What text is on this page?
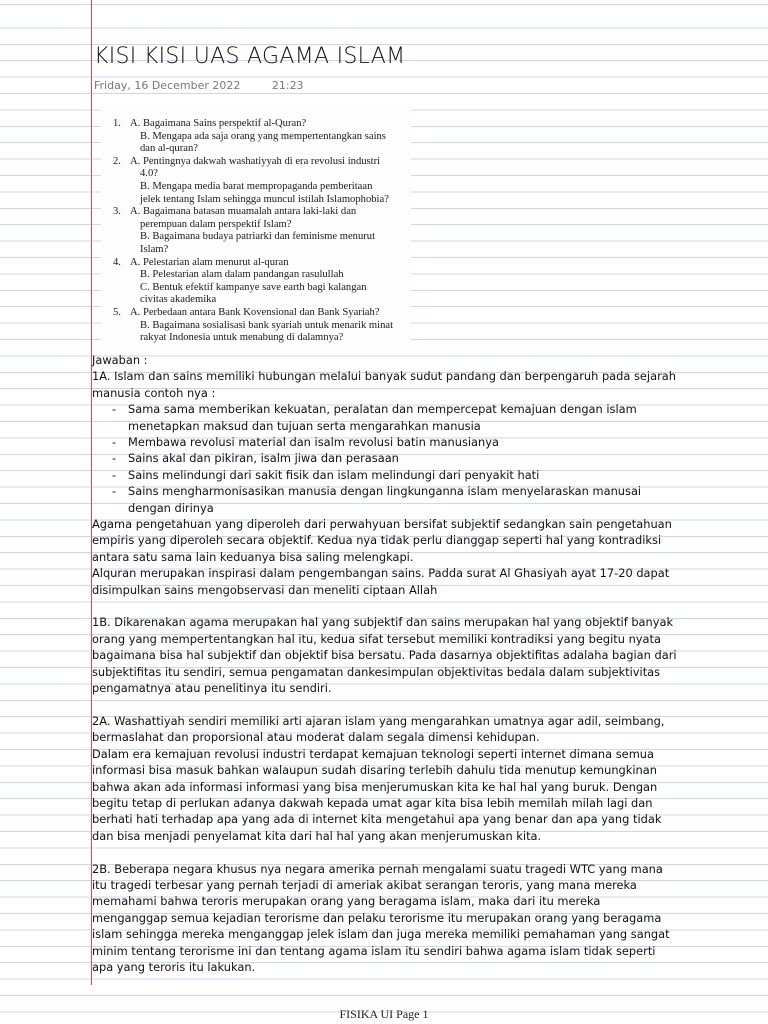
KISI KISI UAS AGAMA ISLAM
Friday, 16 December 2022	21:23
1. A. Bagaimana Sains perspektif al-Quran?
B. Mengapa ada saja orang yang mempertentangkan sains
dan al-quran?
2. A. Pentingnya dakwah washatiyyah di era revolusi industri
4.0?
B. Mengapa media barat mempropaganda pemberitaan
jelek tentang Islam sehingga muncul istilah Islamophobia?
3. A. Bagaimana batasan muamalah antara laki-laki dan
perempuan dalam perspektif Islam?
B. Bagaimana budaya patriarki dan feminisme menurut
Islam?
4. A. Pelestarian alam menurut al-quran
B. Pelestarian alam dalam pandangan rasulullah
C. Bentuk efektif kampanye save earth bagi kalangan
civitas akademika
5. A. Perbedaan antara Bank Kovensional dan Bank Syariah?
B. Bagaimana sosialisasi bank syariah untuk menarik minat
rakyat Indonesia untuk menabung di dalamnya?

Jawaban :

1A. Islam dan sains memiliki hubungan melalui banyak sudut pandang dan berpengaruh pada sejarah manusia contoh nya :

- Sama sama memberikan kekuatan, peralatan dan mempercepat kemajuan dengan islam menetapkan maksud dan tujuan serta mengarahkan manusia
- Membawa revolusi material dan isalm revolusi batin manusianya
- Sains akal dan pikiran, isalm jiwa dan perasaan
- Sains melindungi dari sakit fisik dan islam melindungi dari penyakit hati
- Sains mengharmonisasikan manusia dengan lingkunganna islam menyelaraskan manusai dengan dirinya

Agama pengetahuan yang diperoleh dari perwahyuan bersifat subjektif sedangkan sain pengetahuan empiris yang diperoleh secara objektif. Kedua nya tidak perlu dianggap seperti hal yang kontradiksi antara satu sama lain keduanya bisa saling melengkapi.

Alquran merupakan inspirasi dalam pengembangan sains. Padda surat Al Ghasiyah ayat 17-20 dapat disimpulkan sains mengobservasi dan meneliti ciptaan Allah

1B. Dikarenakan agama merupakan hal yang subjektif dan sains merupakan hal yang objektif banyak orang yang mempertentangkan hal itu, kedua sifat tersebut memiliki kontradiksi yang begitu nyata bagaimana bisa hal subjektif dan objektif bisa bersatu. Pada dasarnya objektifitas adalaha bagian dari subjektifitas itu sendiri, semua pengamatan dankesimpulan objektivitas bedala dalam subjektivitas pengamatnya atau penelitinya itu sendiri.

2A. Washattiyah sendiri memiliki arti ajaran islam yang mengarahkan umatnya agar adil, seimbang, bermaslahat dan proporsional atau moderat dalam segala dimensi kehidupan.

Dalam era kemajuan revolusi industri terdapat kemajuan teknologi seperti internet dimana semua informasi bisa masuk bahkan walaupun sudah disaring terlebih dahulu tida menutup kemungkinan bahwa akan ada informasi informasi yang bisa menjerumuskan kita ke hal hal yang buruk. Dengan begitu tetap di perlukan adanya dakwah kepada umat agar kita bisa lebih memilah milah lagi dan berhati hati terhadap apa yang ada di internet kita mengetahui apa yang benar dan apa yang tidak dan bisa menjadi penyelamat kita dari hal hal yang akan menjerumuskan kita.

2B. Beberapa negara khusus nya negara amerika pernah mengalami suatu tragedi WTC yang mana itu tragedi terbesar yang pernah terjadi di ameriak akibat serangan teroris, yang mana mereka memahami bahwa teroris merupakan orang yang beragama islam, maka dari itu mereka menganggap semua kejadian terorisme dan pelaku terorisme itu merupakan orang yang beragama islam sehingga mereka menganggap jelek islam dan juga mereka memiliki pemahaman yang sangat minim tentang terorisme ini dan tentang agama islam itu sendiri bahwa agama islam tidak seperti apa yang teroris itu lakukan.

FISIKA UI Page 1
